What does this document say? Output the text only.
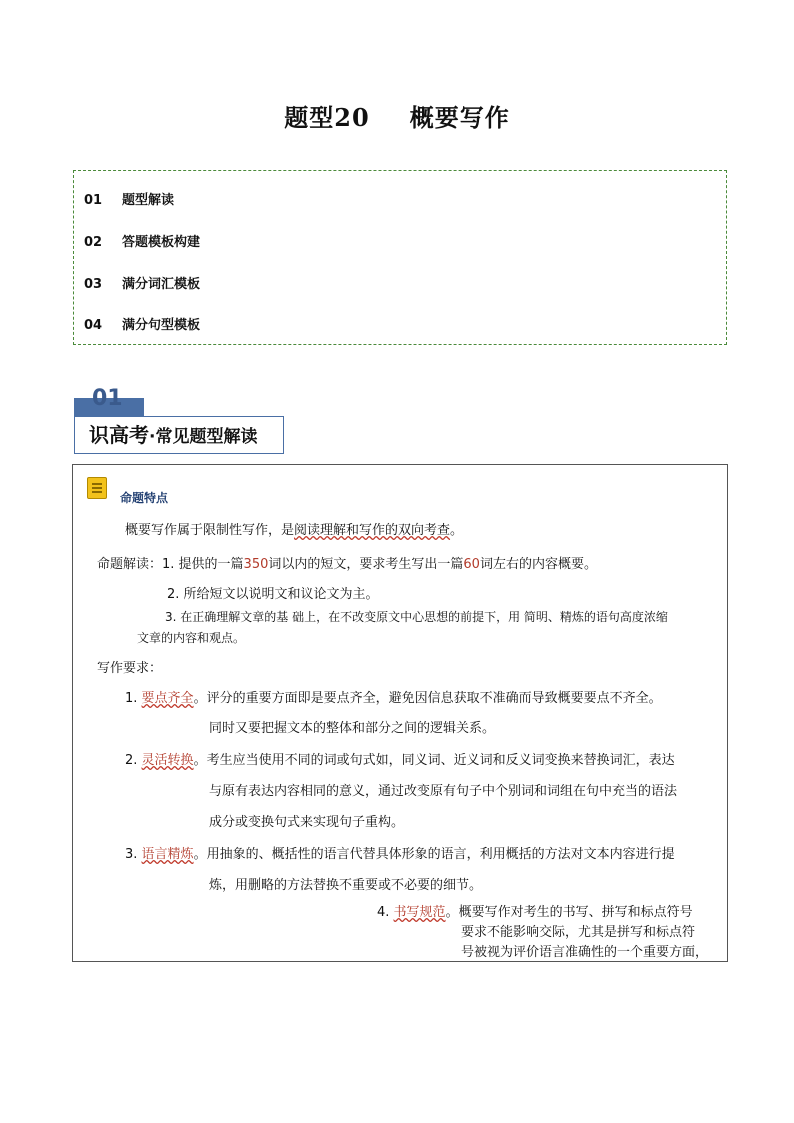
题型20 概要写作
01 题型解读
02 答题模板构建
03 满分词汇模板
04 满分句型模板
01
识高考·常见题型解读
命题特点
概要写作属于限制性写作，是阅读理解和写作的双向考查。
命题解读：1. 提供的一篇350词以内的短文，要求考生写出一篇60词左右的内容概要。
2. 所给短文以说明文和议论文为主。
3. 在正确理解文章的基 础上，在不改变原文中心思想的前提下，用 简明、精炼的语句高度浓缩
文章的内容和观点。
写作要求：
1. 要点齐全。评分的重要方面即是要点齐全，避免因信息获取不准确而导致概要要点不齐全。
同时又要把握文本的整体和部分之间的逻辑关系。
2. 灵活转换。考生应当使用不同的词或句式如，同义词、近义词和反义词变换来替换词汇，表达
与原有表达内容相同的意义，通过改变原有句子中个别词和词组在句中充当的语法
成分或变换句式来实现句子重构。
3. 语言精炼。用抽象的、概括性的语言代替具体形象的语言，利用概括的方法对文本内容进行提
炼，用删略的方法替换不重要或不必要的细节。
4. 书写规范。概要写作对考生的书写、拼写和标点符号
要求不能影响交际，尤其是拼写和标点符
号被视为评价语言准确性的一个重要方面，
